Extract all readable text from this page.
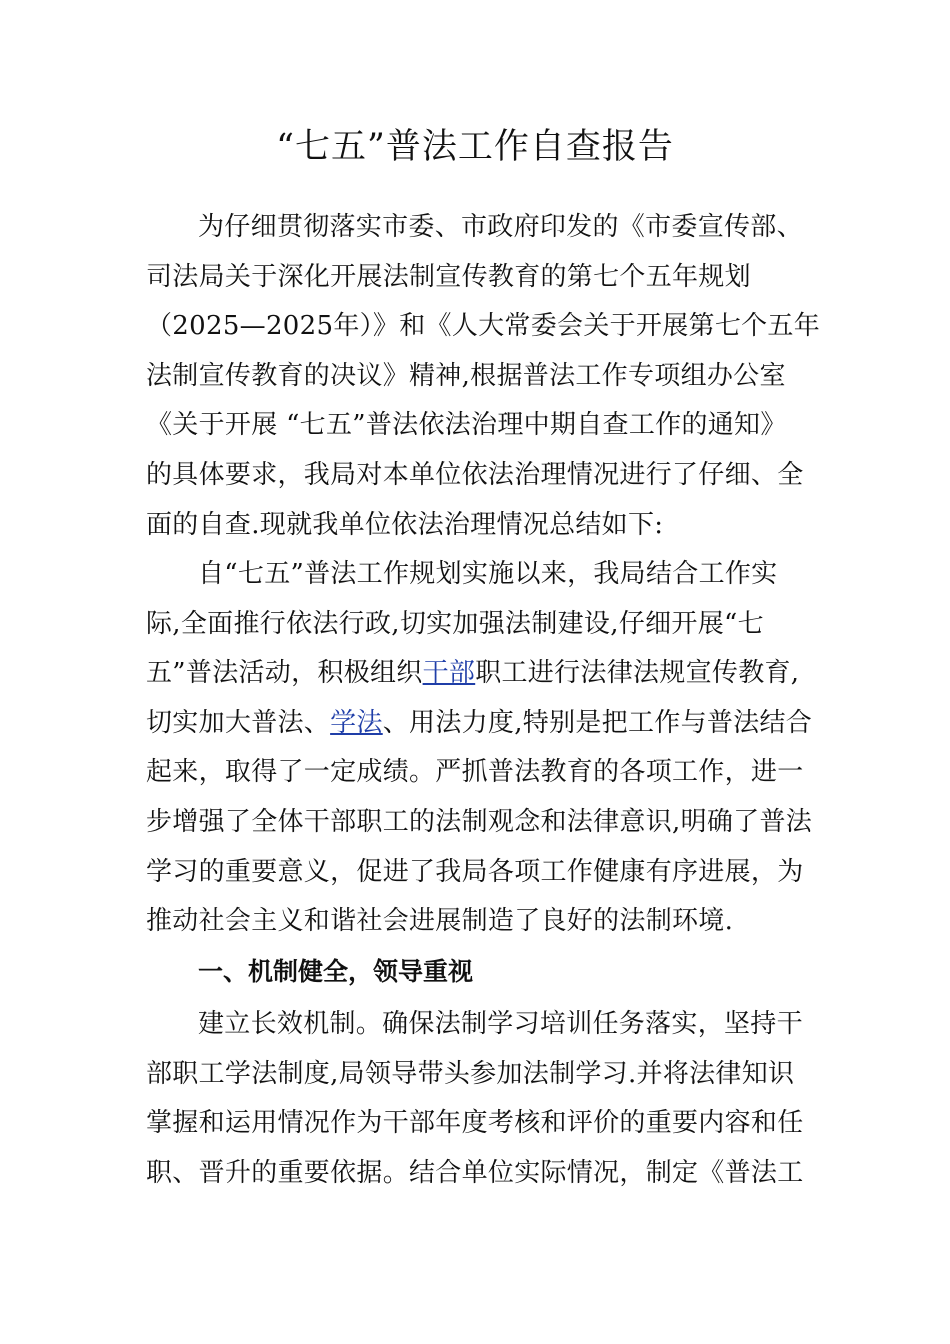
“七五”普法工作自查报告
为仔细贯彻落实市委、市政府印发的《市委宣传部、
司法局关于深化开展法制宣传教育的第七个五年规划
（2025—2025年）》和《人大常委会关于开展第七个五年
法制宣传教育的决议》精神,根据普法工作专项组办公室
《关于开展 “七五”普法依法治理中期自查工作的通知》
的具体要求，我局对本单位依法治理情况进行了仔细、全
面的自查.现就我单位依法治理情况总结如下:
自“七五”普法工作规划实施以来，我局结合工作实
际,全面推行依法行政,切实加强法制建设,仔细开展“七
五”普法活动，积极组织干部职工进行法律法规宣传教育,
切实加大普法、学法、用法力度,特别是把工作与普法结合
起来，取得了一定成绩。严抓普法教育的各项工作，进一
步增强了全体干部职工的法制观念和法律意识,明确了普法
学习的重要意义，促进了我局各项工作健康有序进展，为
推动社会主义和谐社会进展制造了良好的法制环境.
一、机制健全，领导重视
建立长效机制。确保法制学习培训任务落实，坚持干
部职工学法制度,局领导带头参加法制学习.并将法律知识
掌握和运用情况作为干部年度考核和评价的重要内容和任
职、晋升的重要依据。结合单位实际情况，制定《普法工
